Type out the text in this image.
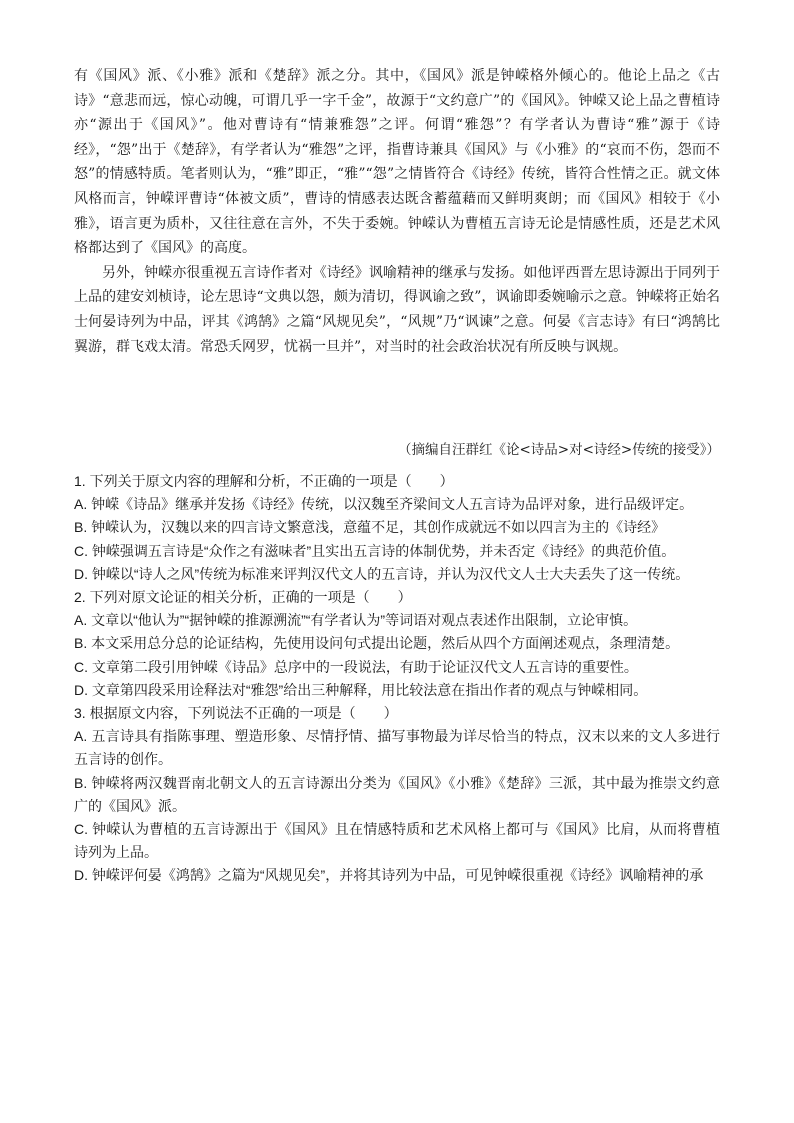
有《国风》派、《小雅》派和《楚辞》派之分。其中，《国风》派是钟嵘格外倾心的。他论上品之《古诗》“意悲而远，惊心动魄，可谓几乎一字千金”，故源于“文约意广”的《国风》。钟嵘又论上品之曹植诗亦“源出于《国风》”。他对曹诗有“情兼雅怨”之评。何谓“雅怨”？有学者认为曹诗“雅”源于《诗经》，“怨”出于《楚辞》，有学者认为“雅怨”之评，指曹诗兼具《国风》与《小雅》的“哀而不伤，怨而不怒”的情感特质。笔者则认为，“雅”即正，“雅”“怨”之情皆符合《诗经》传统，皆符合性情之正。就文体风格而言，钟嵘评曹诗“体被文质”，曹诗的情感表达既含蓄蕴藉而又鲜明爽朗；而《国风》相较于《小雅》，语言更为质朴，又往往意在言外，不失于委婉。钟嵘认为曹植五言诗无论是情感性质，还是艺术风格都达到了《国风》的高度。

另外，钟嵘亦很重视五言诗作者对《诗经》讽喻精神的继承与发扬。如他评西晋左思诗源出于同列于上品的建安刘桢诗，论左思诗“文典以怨，颇为清切，得讽谕之致”，讽谕即委婉喻示之意。钟嵘将正始名士何晏诗列为中品，评其《鸿鹄》之篇“风规见矣”，“风规”乃“讽谏”之意。何晏《言志诗》有曰“鸿鹄比翼游，群飞戏太清。常恐夭网罗，忧祸一旦并”，对当时的社会政治状况有所反映与讽规。

（摘编自汪群红《论<诗品>对<诗经>传统的接受》）

1. 下列关于原文内容的理解和分析，不正确的一项是（　　）

A. 钟嵘《诗品》继承并发扬《诗经》传统，以汉魏至齐梁间文人五言诗为品评对象，进行品级评定。

B. 钟嵘认为，汉魏以来的四言诗文繁意浅，意蕴不足，其创作成就远不如以四言为主的《诗经》

C. 钟嵘强调五言诗是“众作之有滋味者”且实出五言诗的体制优势，并未否定《诗经》的典范价值。

D. 钟嵘以“诗人之风”传统为标准来评判汉代文人的五言诗，并认为汉代文人士大夫丢失了这一传统。

2. 下列对原文论证的相关分析，正确的一项是（　　）

A. 文章以“他认为”“据钟嵘的推源溯流”“有学者认为”等词语对观点表述作出限制，立论审慎。

B. 本文采用总分总的论证结构，先使用设问句式提出论题，然后从四个方面阐述观点，条理清楚。

C. 文章第二段引用钟嵘《诗品》总序中的一段说法，有助于论证汉代文人五言诗的重要性。

D. 文章第四段采用诠释法对“雅怨”给出三种解释，用比较法意在指出作者的观点与钟嵘相同。

3. 根据原文内容，下列说法不正确的一项是（　　）

A. 五言诗具有指陈事理、塑造形象、尽情抒情、描写事物最为详尽恰当的特点，汉末以来的文人多进行五言诗的创作。

B. 钟嵘将两汉魏晋南北朝文人的五言诗源出分类为《国风》《小雅》《楚辞》三派，其中最为推崇文约意广的《国风》派。

C. 钟嵘认为曹植的五言诗源出于《国风》且在情感特质和艺术风格上都可与《国风》比肩，从而将曹植诗列为上品。

D. 钟嵘评何晏《鸿鹄》之篇为“风规见矣”，并将其诗列为中品，可见钟嵘很重视《诗经》讽喻精神的承
